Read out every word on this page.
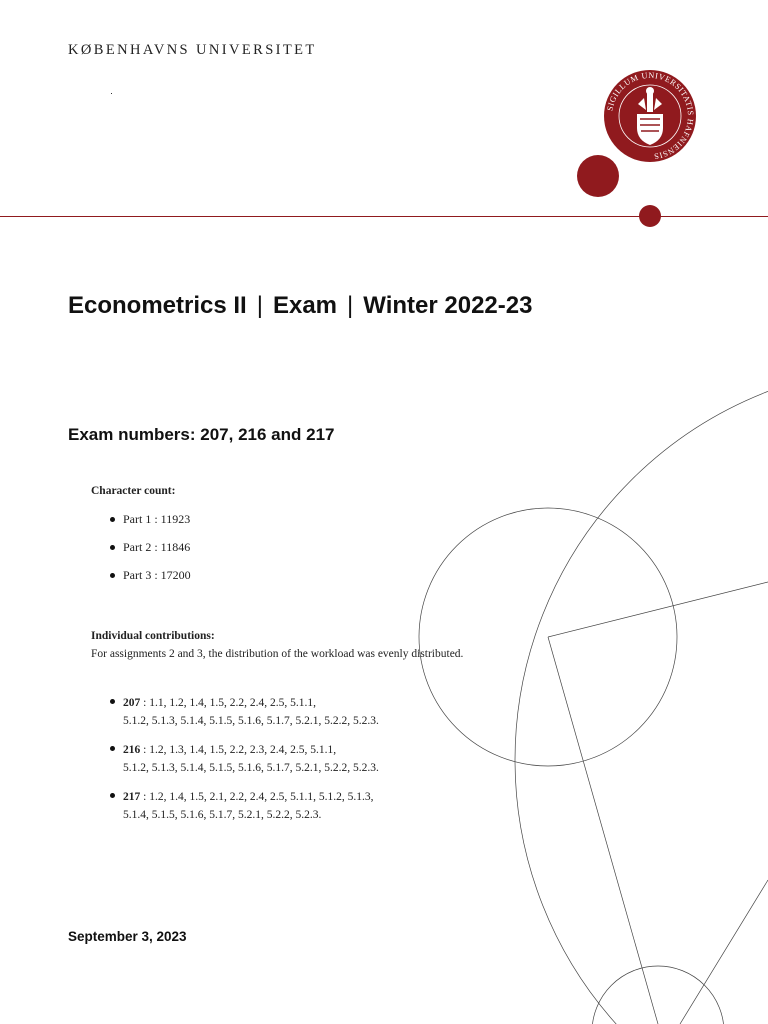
KØBENHAVNS UNIVERSITET
SIGILLUM UNIVERSITATIS HAFNIENSIS
Econometrics II | Exam | Winter 2022-23
Exam numbers: 207, 216 and 217
Character count:
Part 1 : 11923
Part 2 : 11846
Part 3 : 17200
Individual contributions:
For assignments 2 and 3, the distribution of the workload was evenly distributed.
207 : 1.1, 1.2, 1.4, 1.5, 2.2, 2.4, 2.5, 5.1.1,
5.1.2, 5.1.3, 5.1.4, 5.1.5, 5.1.6, 5.1.7, 5.2.1, 5.2.2, 5.2.3.
216 : 1.2, 1.3, 1.4, 1.5, 2.2, 2.3, 2.4, 2.5, 5.1.1,
5.1.2, 5.1.3, 5.1.4, 5.1.5, 5.1.6, 5.1.7, 5.2.1, 5.2.2, 5.2.3.
217 : 1.2, 1.4, 1.5, 2.1, 2.2, 2.4, 2.5, 5.1.1, 5.1.2, 5.1.3,
5.1.4, 5.1.5, 5.1.6, 5.1.7, 5.2.1, 5.2.2, 5.2.3.
September 3, 2023
